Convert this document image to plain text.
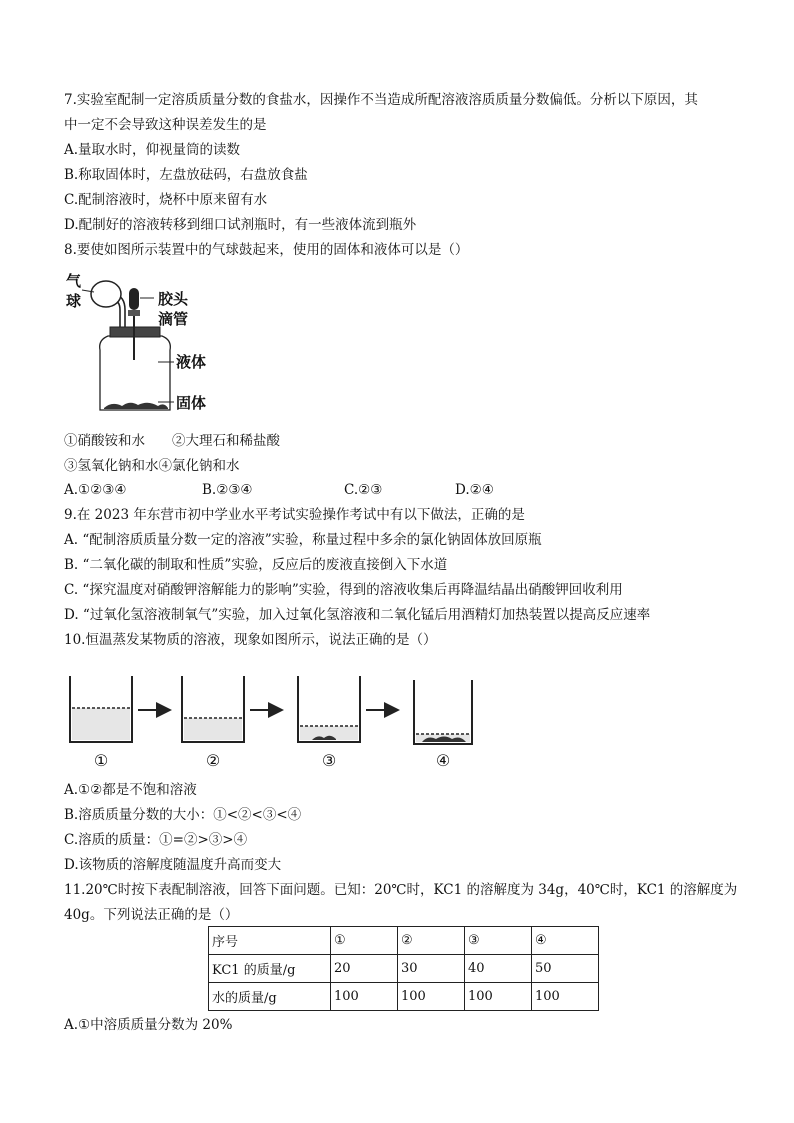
7.实验室配制一定溶质质量分数的食盐水，因操作不当造成所配溶液溶质质量分数偏低。分析以下原因，其
中一定不会导致这种误差发生的是
A.量取水时，仰视量筒的读数
B.称取固体时，左盘放砝码，右盘放食盐
C.配制溶液时，烧杯中原来留有水
D.配制好的溶液转移到细口试剂瓶时，有一些液体流到瓶外
8.要使如图所示装置中的气球鼓起来，使用的固体和液体可以是（）
气
球	胶头
滴管
液体
固体
①硝酸铵和水　　②大理石和稀盐酸
③氢氧化钠和水④氯化钠和水
A.①②③④	B.②③④	C.②③	D.②④
9.在 2023 年东营市初中学业水平考试实验操作考试中有以下做法，正确的是
A. “配制溶质质量分数一定的溶液”实验，称量过程中多余的氯化钠固体放回原瓶
B. “二氧化碳的制取和性质”实验，反应后的废液直接倒入下水道
C. “探究温度对硝酸钾溶解能力的影响”实验，得到的溶液收集后再降温结晶出硝酸钾回收利用
D. “过氧化氢溶液制氧气”实验，加入过氧化氢溶液和二氧化锰后用酒精灯加热装置以提高反应速率
10.恒温蒸发某物质的溶液，现象如图所示，说法正确的是（）
①	②	③	④
A.①②都是不饱和溶液
B.溶质质量分数的大小：①<②<③<④
C.溶质的质量：①=②>③>④
D.该物质的溶解度随温度升高而变大
11.20℃时按下表配制溶液，回答下面问题。已知：20℃时，KC1 的溶解度为 34g，40℃时，KC1 的溶解度为
40g。下列说法正确的是（）
序号	①	②	③	④
KC1 的质量/g	20	30	40	50
水的质量/g	100	100	100	100
A.①中溶质质量分数为 20%
